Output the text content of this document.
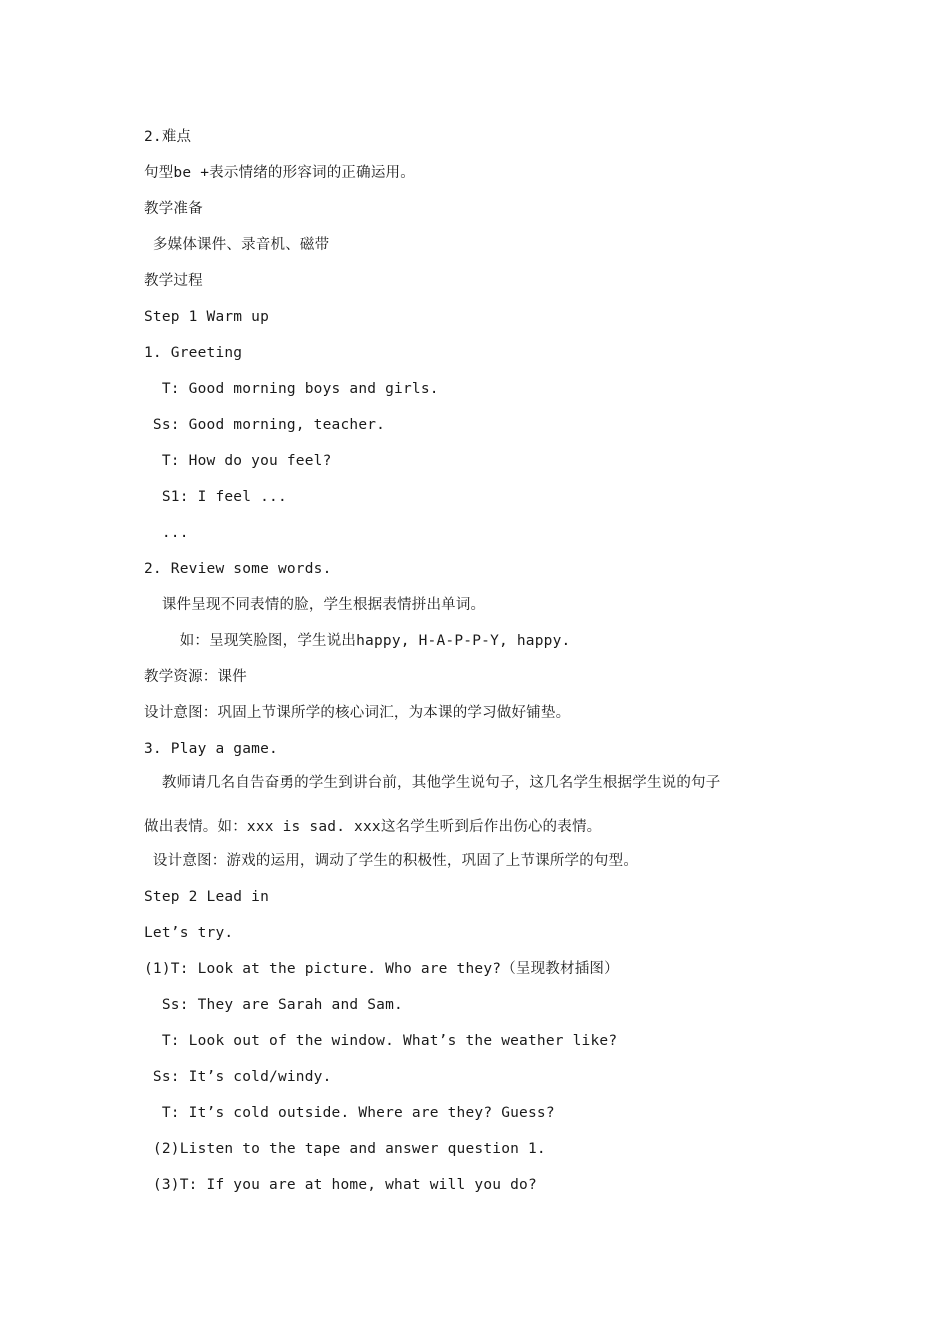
2.难点
句型be +表示情绪的形容词的正确运用。
教学准备
多媒体课件、录音机、磁带
教学过程
Step 1 Warm up
1. Greeting
T: Good morning boys and girls.
Ss: Good morning, teacher.
T: How do you feel?
S1: I feel ...
...
2. Review some words.
课件呈现不同表情的脸，学生根据表情拼出单词。
如：呈现笑脸图，学生说出happy, H-A-P-P-Y, happy.
教学资源：课件
设计意图：巩固上节课所学的核心词汇，为本课的学习做好铺垫。
3. Play a game.
教师请几名自告奋勇的学生到讲台前，其他学生说句子，这几名学生根据学生说的句子
做出表情。如：xxx is sad. xxx这名学生听到后作出伤心的表情。
设计意图：游戏的运用，调动了学生的积极性，巩固了上节课所学的句型。
Step 2 Lead in
Let’s try.
(1)T: Look at the picture. Who are they?（呈现教材插图）
Ss: They are Sarah and Sam.
T: Look out of the window. What’s the weather like?
Ss: It’s cold/windy.
T: It’s cold outside. Where are they? Guess?
(2)Listen to the tape and answer question 1.
(3)T: If you are at home, what will you do?
